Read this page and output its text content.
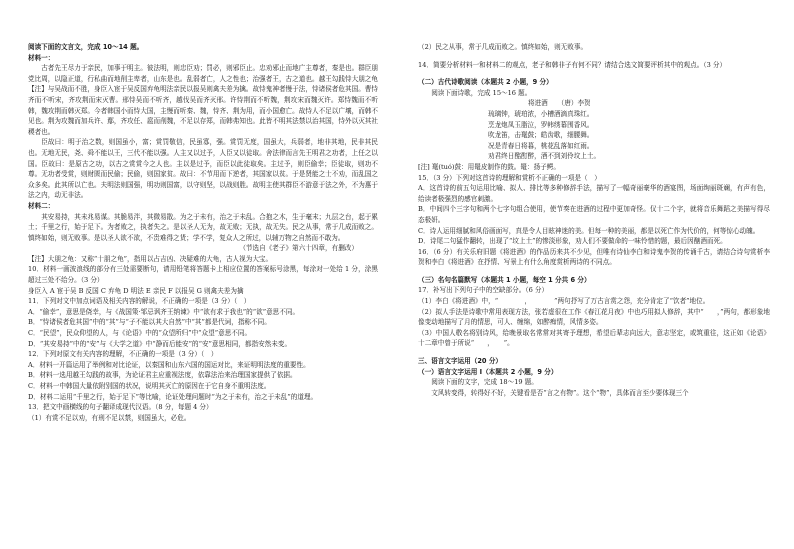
阅读下面的文言文，完成 10～14 题。

材料一：

古者先王尽力于亲民，加事于明主。彼法明，则忠臣劝；罚必，则邪臣止。忠劝邪止而地广主尊者，秦是也。群臣朋党比周，以隐正道，行私曲而地削主卑者，山东是也。乱弱者亡，人之性也；治强者王，古之道也。越王勾践恃大朋之龟【注】与吴战而不胜，身臣入宦于吴反国弃龟明法亲民以报吴则禽夫差为擒。故恃鬼神者慢于法，恃诸侯者危其国。曹恃齐而不听宋，齐攻荆而宋灭曹。邢恃吴而不听齐，越伐吴而齐灭邢。许恃荆而不听魏，荆攻宋而魏灭许。郑恃魏而不听韩，魏攻荆而韩灭郑。今者韩国小而恃大国，主慢而听秦、魏，恃齐、荆为用，而小国愈亡。故恃人不足以广壤，而韩不见也。荆为攻魏而加兵许、鄢，齐攻任、扈而削魏，不足以存郑，而韩弗知也。此皆不明其法禁以治其国，恃外以灭其社稷者也。

臣故曰：明于治之数，则国虽小，富；赏罚敬信，民虽寡，强。赏罚无度，国虽大，兵弱者，地非其地，民非其民也。无地无民，尧、舜不能以王，三代不能以强。人主又以过予，人臣又以徒取。舍法律而言先王明君之功者，上任之以国。臣故曰：是原古之功，以古之赏赏今之人也。主以是过予，而臣以此徒取矣。主过予，则臣偷幸；臣徒取，则功不尊。无功者受赏，则财匮而民偷；民偷，则国家贫。故曰：不节用而下逆者，其国家以贫。于是贤能之士不劝，而乱国之众多矣。此其所以亡也。夫明法则国强，明功则国富，以守则坚，以战则胜。故明主使其群臣不游意于法之外，不为惠于法之内，动无非法。

材料二：

其安易持，其未兆易谋。其脆易泮，其微易散。为之于未有，治之于未乱。合抱之木，生于毫末；九层之台，起于累土；千里之行，始于足下。为者败之，执者失之。是以圣人无为，故无败；无执，故无失。民之从事，常于几成而败之。慎终如始，则无败事。是以圣人欲不欲，不贵难得之货；学不学，复众人之所过，以辅万物之自然而不敢为。

（节选自《老子》第六十四章，有删改）

【注】大朋之龟：又称“十朋之龟”，指用以占吉凶、决疑难的大龟，古人视为大宝。

10．材料一画波浪线的部分有三处需要断句，请用铅笔将答题卡上相应位置的答案标号涂黑，每涂对一处给 1 分，涂黑超过三处不给分。（3 分）

身臣入 A 宦于吴 B 反国 C 弃龟 D 明法 E 亲民 F 以报吴 G 则禽夫差为擒

11．下列对文中加点词语及相关内容的解说，不正确的一项是（3 分）（　）

A．“偷幸”，意思是侥幸，与《战国策·邹忌讽齐王纳谏》中“欲有求于我也”的“欲”意思不同。

B．“恃诸侯者危其国”中的“其”与“子不能以其大自然”中“其”都是代词，指称不同。

C．“民望”，民众仰望的人，与《论语》中的“众望所归”中“众望”意思不同。

D．“其安易持”中的“安”与《大学之道》中“静而后能安”的“安”意思相同，都指安然未变。

12．下列对原文有关内容的理解，不正确的一项是（3 分）（　）

A．材料一开篇运用了举例和对比论证，以秦国和山东六国的国运对比，来证明明法度的重要性。

B．材料一选用越王勾践的故事，为论证君主应重视法度，依靠法治来治理国家提供了依据。

C．材料一中韩国大量依附别国的状况，说明其灭亡的原因在于它自身不重明法度。

D．材料二运用“千里之行，始于足下”等比喻，论证处理问题时“为之于未有，治之于未乱”的道理。

13．把文中画横线的句子翻译成现代汉语。（8 分，每题 4 分）

（1）有赏不足以劝，有刑不足以禁，则国虽大，必危。

（2）民之从事，常于几成而败之。慎终如始，则无败事。

14．简要分析材料一和材料二的观点，老子和韩非子有何不同？请结合选文简要评析其中的观点。（3 分）

（二）古代诗歌阅读（本题共 2 小题，9 分）

阅读下面诗歌，完成 15～16 题。

将进酒　　（唐）李贺

琉璃钟，琥珀浓，小槽酒滴真珠红。

烹龙炮凤玉脂泣，罗帏绣幕围香风。

吹龙笛，击鼍鼓；皓齿歌，细腰舞。

况是青春日将暮，桃花乱落如红雨。

劝君终日酩酊醉，酒不到刘伶坟上土。

[注] 鼍(tuó)鼓：用鼍皮制作的鼓。鼍：扬子鳄。

15．（3 分）下列对这首诗的理解和赏析不正确的一项是（　）

A．这首诗的前五句运用比喻、拟人、排比等多种修辞手法，描写了一幅奇丽豪华的酒宴图，场面绚丽斑斓，有声有色，给读者极强烈的感官刺激。

B．中间四个三字句和两个七字句组合使用，使节奏在进酒的过程中更加奇怪。仅十二个字，就将音乐舞蹈之美描写得尽态极妍。

C．诗人运用细腻和风俗画面写，真是令人目眩神迷的美。但每一种的美丽，都是以死亡作为代价的，何等惊心动魄。

D．诗尾二句猛作翻转，出现了“坟上土”的惨淡形象，劝人们不要做命的一味怜惜的题，最后因酗酒而死。

16．（6 分）有关乐府旧题《将进酒》的作品历来共不少见，但唯有诗仙李白和诗鬼李贺的传诵千古，请结合诗句赏析李贺和李白《将进酒》在抒情、写景上有什么角度赏析两诗的不同点。

（三）名句名篇默写（本题共 1 小题，每空 1 分共 6 分）

17．补写出下列句子中的空缺部分。（6 分）

（1）李白《将进酒》中，“　　　　，　　　　”两句抒写了万古言赏之怨，充分肯定了“饮者”地位。

（2）拟人手法是诗歌中常用表现方法，张若虚很在工作《春江花月夜》中也巧用拟人修辞，其中“　　，”两句，都形象地像变动地描写了月的情思，可人、缠绵，如醉痴情，风情多姿。

（3）中国人敬名将别诗风，给晚景取名常常对其寄予理想，希望后辈志向远大，意志坚定，或筑重往，这正如《论语》十二章中曾于所说“　　，　　”。

三、语言文字运用（20 分）

（一）语言文字运用 Ⅰ（本题共 2 小题，9 分）

阅读下面的文字，完成 18～19 题。

文风转变得，转得好不好，关键看是否“言之有物”。这个“物”，具体而言至少要体现三个
